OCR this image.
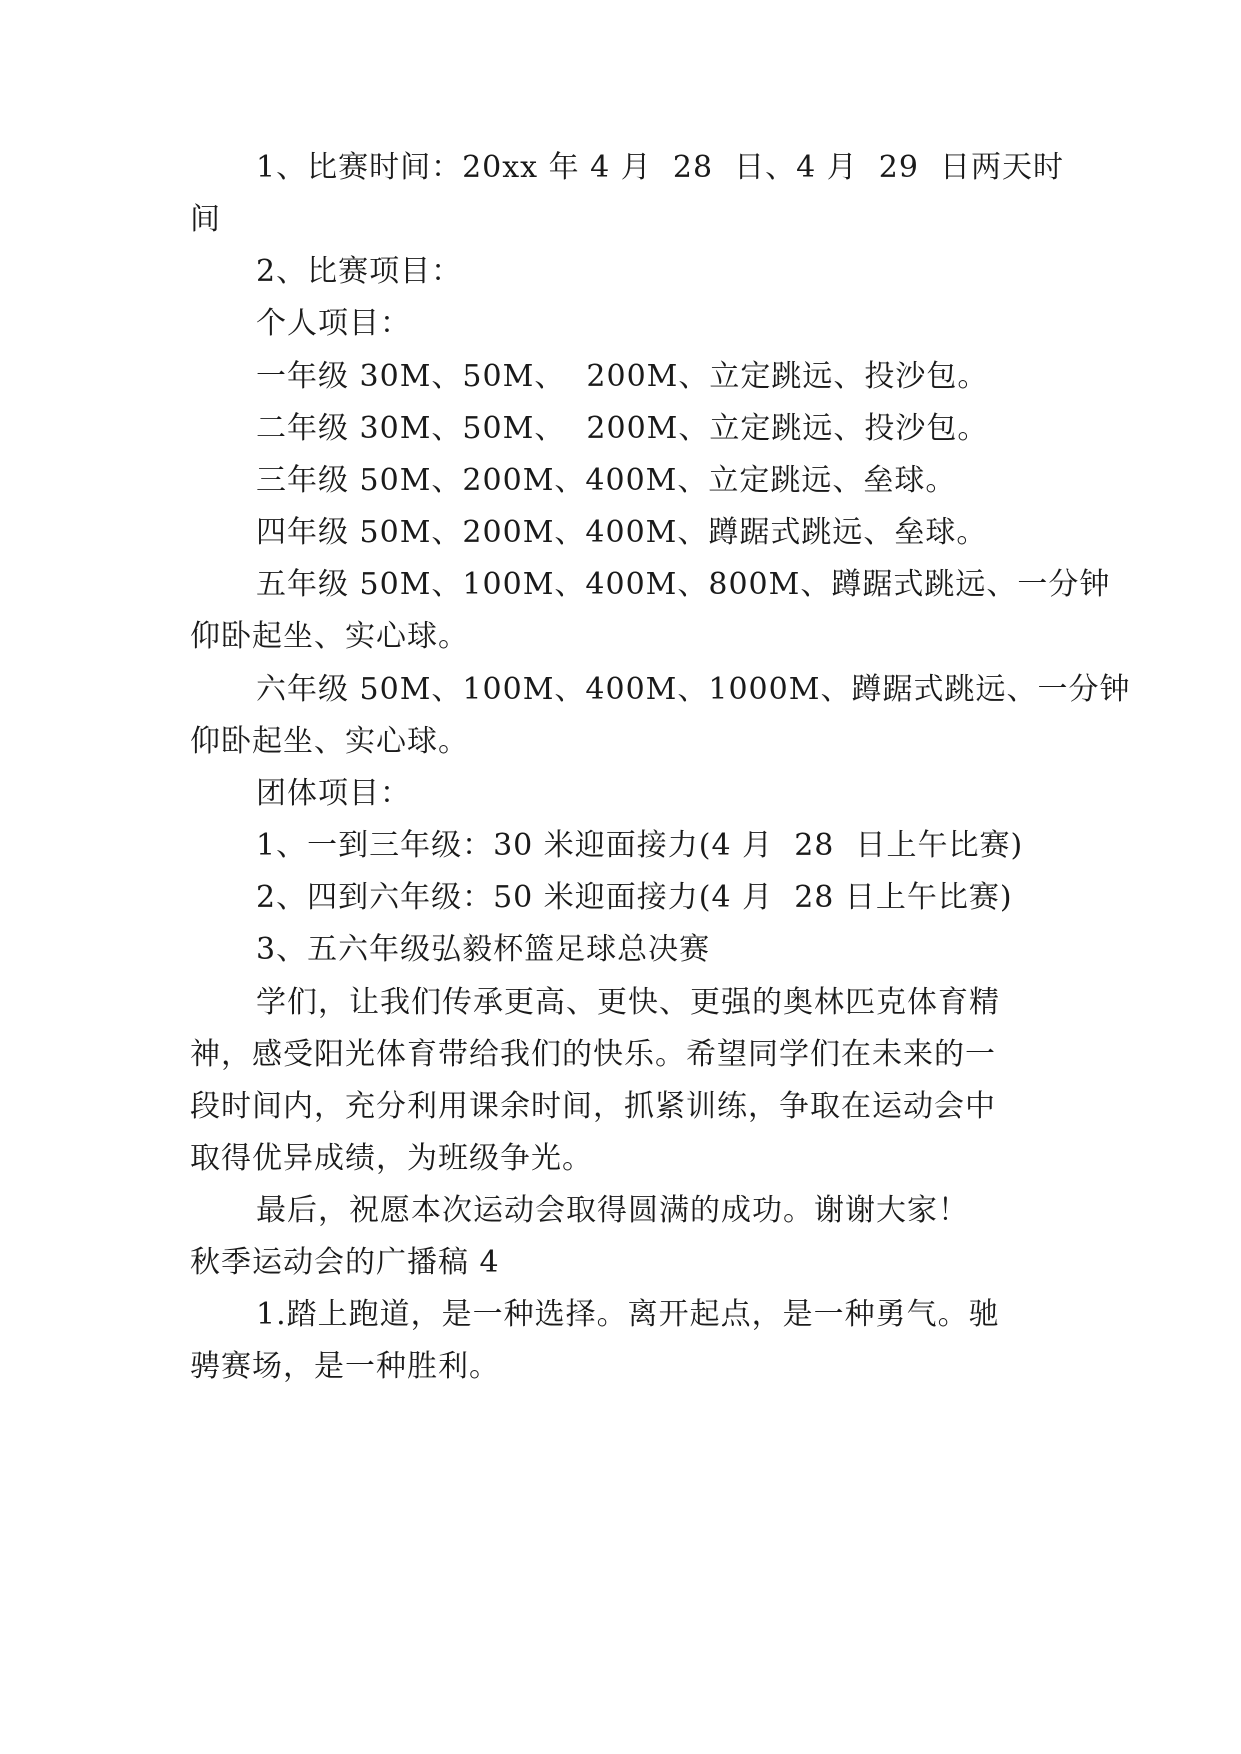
1、比赛时间：20xx 年 4 月  28  日、4 月  29  日两天时
间
2、比赛项目：
个人项目：
一年级 30M、50M、  200M、立定跳远、投沙包。
二年级 30M、50M、  200M、立定跳远、投沙包。
三年级 50M、200M、400M、立定跳远、垒球。
四年级 50M、200M、400M、蹲踞式跳远、垒球。
五年级 50M、100M、400M、800M、蹲踞式跳远、一分钟
仰卧起坐、实心球。
六年级 50M、100M、400M、1000M、蹲踞式跳远、一分钟
仰卧起坐、实心球。
团体项目：
1、一到三年级：30 米迎面接力(4 月  28  日上午比赛)
2、四到六年级：50 米迎面接力(4 月  28 日上午比赛)
3、五六年级弘毅杯篮足球总决赛
学们，让我们传承更高、更快、更强的奥林匹克体育精
神，感受阳光体育带给我们的快乐。希望同学们在未来的一
段时间内，充分利用课余时间，抓紧训练，争取在运动会中
取得优异成绩，为班级争光。
最后，祝愿本次运动会取得圆满的成功。谢谢大家！
秋季运动会的广播稿 4
1.踏上跑道，是一种选择。离开起点，是一种勇气。驰
骋赛场，是一种胜利。
